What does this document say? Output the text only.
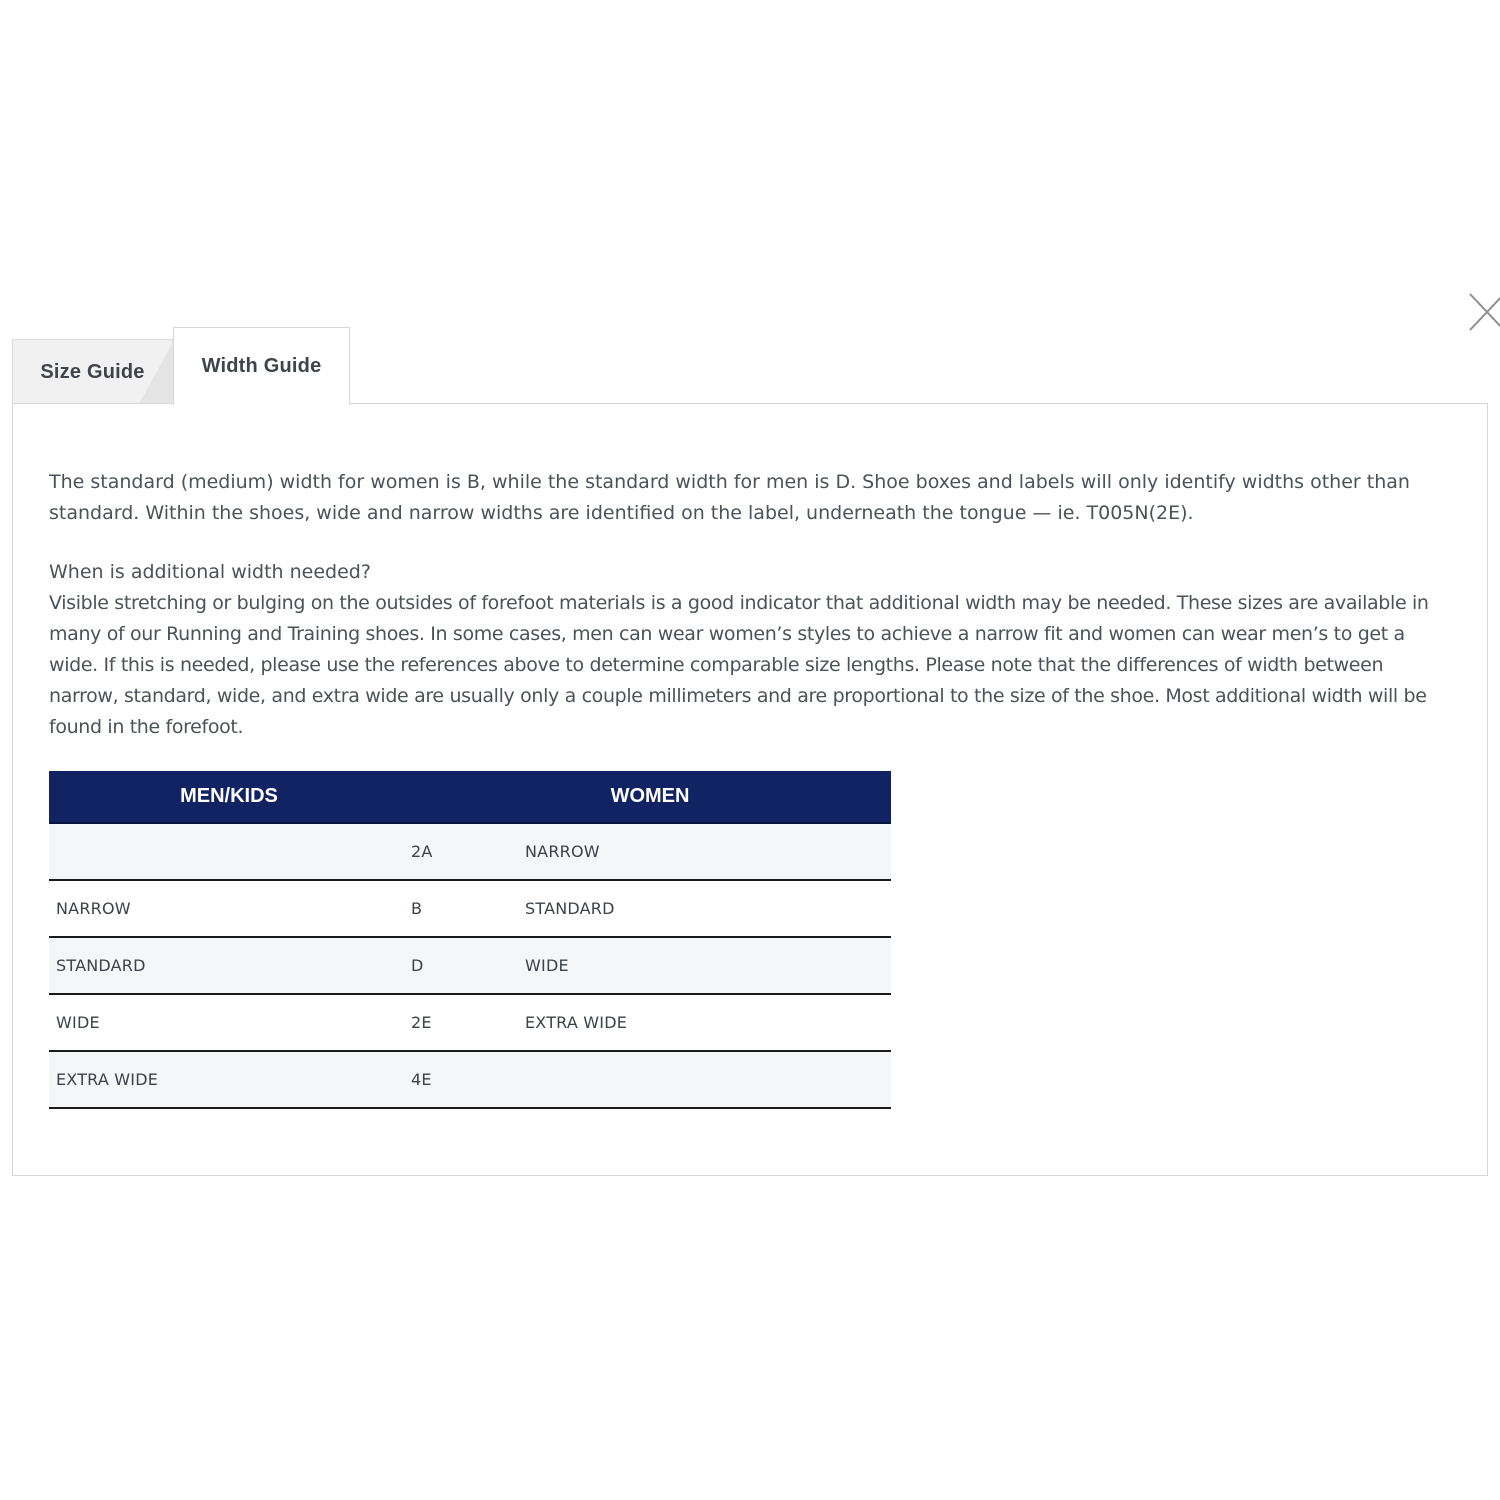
Size Guide	Width Guide

The standard (medium) width for women is B, while the standard width for men is D. Shoe boxes and labels will only identify widths other than standard. Within the shoes, wide and narrow widths are identified on the label, underneath the tongue — ie. T005N(2E).

When is additional width needed?

Visible stretching or bulging on the outsides of forefoot materials is a good indicator that additional width may be needed. These sizes are available in many of our Running and Training shoes. In some cases, men can wear women’s styles to achieve a narrow fit and women can wear men’s to get a wide. If this is needed, please use the references above to determine comparable size lengths. Please note that the differences of width between narrow, standard, wide, and extra wide are usually only a couple millimeters and are proportional to the size of the shoe. Most additional width will be found in the forefoot.

MEN/KIDS	WOMEN	
	2A	NARROW
NARROW	B	STANDARD
STANDARD	D	WIDE
WIDE	2E	EXTRA WIDE
EXTRA WIDE	4E	
